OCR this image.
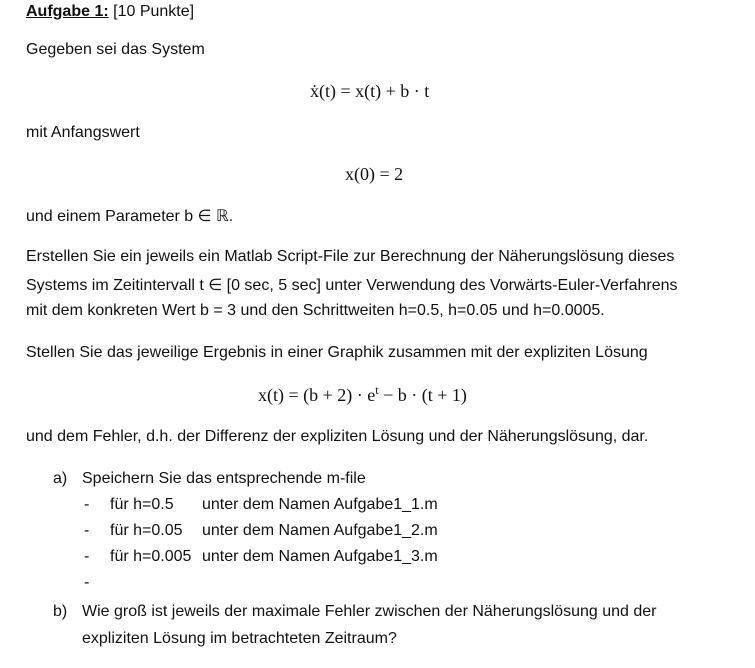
Aufgabe 1: [10 Punkte]
Gegeben sei das System
ẋ(t) = x(t) + b · t
mit Anfangswert
x(0) = 2
und einem Parameter b ∈ ℝ.
Erstellen Sie ein jeweils ein Matlab Script-File zur Berechnung der Näherungslösung dieses
Systems im Zeitintervall t ∈ [0 sec, 5 sec] unter Verwendung des Vorwärts-Euler-Verfahrens
mit dem konkreten Wert b = 3 und den Schrittweiten h=0.5, h=0.05 und h=0.0005.
Stellen Sie das jeweilige Ergebnis in einer Graphik zusammen mit der expliziten Lösung
$x(t) = (b + 2) \cdot e^t - b \cdot (t + 1)$
und dem Fehler, d.h. der Differenz der expliziten Lösung und der Näherungslösung, dar.
a) Speichern Sie das entsprechende m-file
- für h=0.5 unter dem Namen Aufgabe1_1.m
- für h=0.05 unter dem Namen Aufgabe1_2.m
- für h=0.005 unter dem Namen Aufgabe1_3.m
-
b) Wie groß ist jeweils der maximale Fehler zwischen der Näherungslösung und der
expliziten Lösung im betrachteten Zeitraum?
